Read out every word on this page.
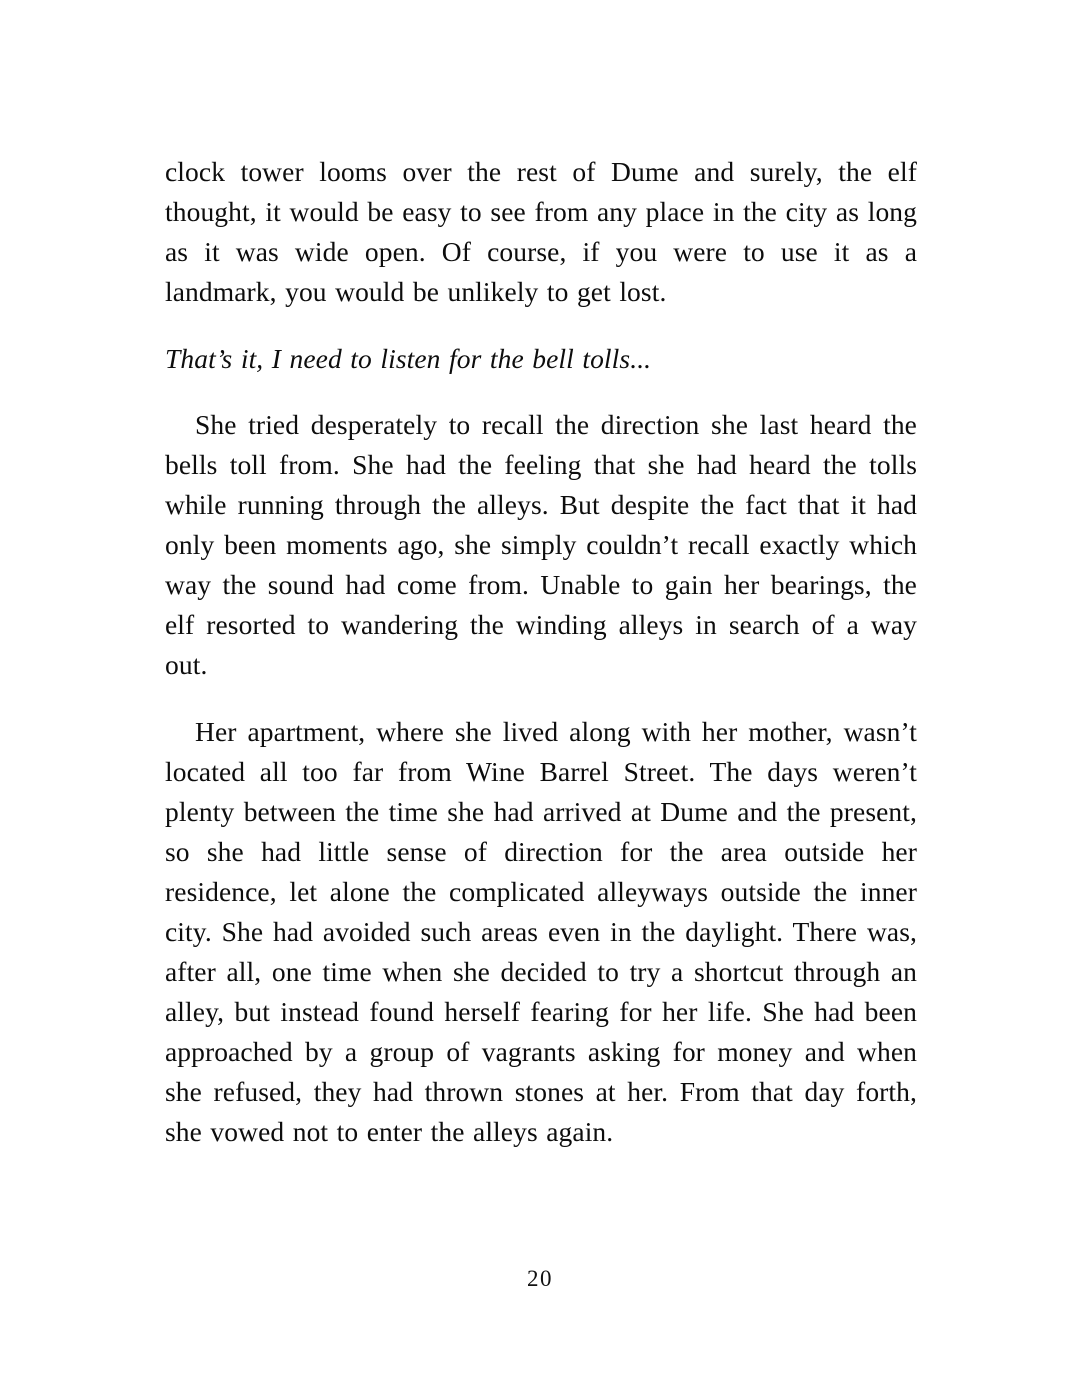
clock tower looms over the rest of Dume and surely, the elf thought, it would be easy to see from any place in the city as long as it was wide open. Of course, if you were to use it as a landmark, you would be unlikely to get lost.

That’s it, I need to listen for the bell tolls...

She tried desperately to recall the direction she last heard the bells toll from. She had the feeling that she had heard the tolls while running through the alleys. But despite the fact that it had only been moments ago, she simply couldn’t recall exactly which way the sound had come from. Unable to gain her bearings, the elf resorted to wandering the winding alleys in search of a way out.

Her apartment, where she lived along with her mother, wasn’t located all too far from Wine Barrel Street. The days weren’t plenty between the time she had arrived at Dume and the present, so she had little sense of direction for the area outside her residence, let alone the complicated alleyways outside the inner city. She had avoided such areas even in the daylight. There was, after all, one time when she decided to try a shortcut through an alley, but instead found herself fearing for her life. She had been approached by a group of vagrants asking for money and when she refused, they had thrown stones at her. From that day forth, she vowed not to enter the alleys again.

20
